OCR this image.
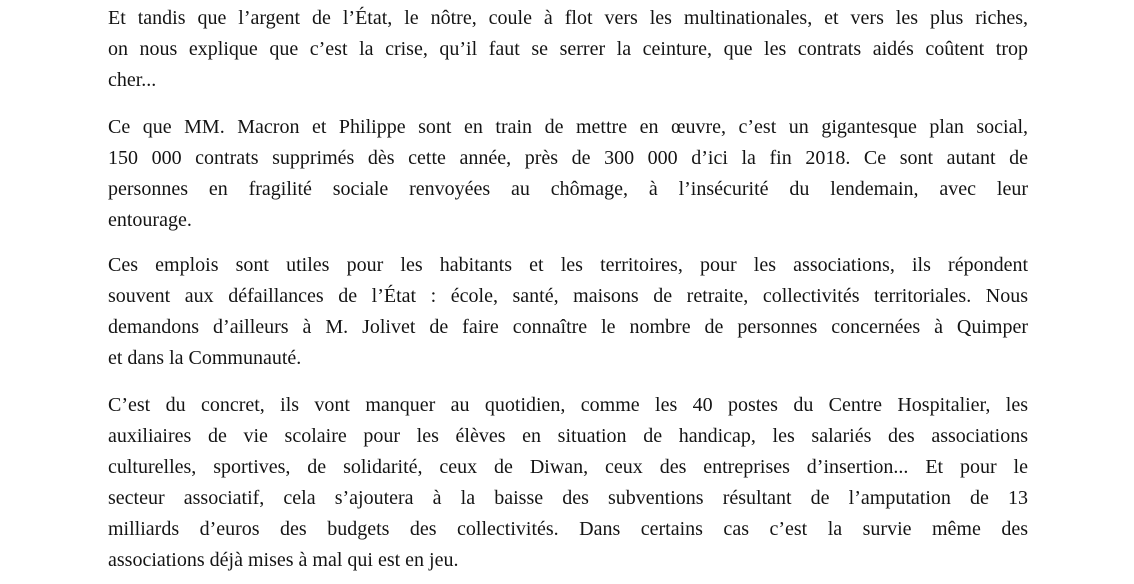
Et tandis que l’argent de l’État, le nôtre, coule à flot vers les multinationales, et vers les plus riches,
on nous explique que c’est la crise, qu’il faut se serrer la ceinture, que les contrats aidés coûtent trop
cher...

Ce que MM. Macron et Philippe sont en train de mettre en œuvre, c’est un gigantesque plan social,
150 000 contrats supprimés dès cette année, près de 300 000 d’ici la fin 2018. Ce sont autant de
personnes en fragilité sociale renvoyées au chômage, à l’insécurité du lendemain, avec leur
entourage.

Ces emplois sont utiles pour les habitants et les territoires, pour les associations, ils répondent
souvent aux défaillances de l’État : école, santé, maisons de retraite, collectivités territoriales. Nous
demandons d’ailleurs à M. Jolivet de faire connaître le nombre de personnes concernées à Quimper
et dans la Communauté.

C’est du concret, ils vont manquer au quotidien, comme les 40 postes du Centre Hospitalier, les
auxiliaires de vie scolaire pour les élèves en situation de handicap, les salariés des associations
culturelles, sportives, de solidarité, ceux de Diwan, ceux des entreprises d’insertion... Et pour le
secteur associatif, cela s’ajoutera à la baisse des subventions résultant de l’amputation de 13
milliards d’euros des budgets des collectivités. Dans certains cas c’est la survie même des
associations déjà mises à mal qui est en jeu.
